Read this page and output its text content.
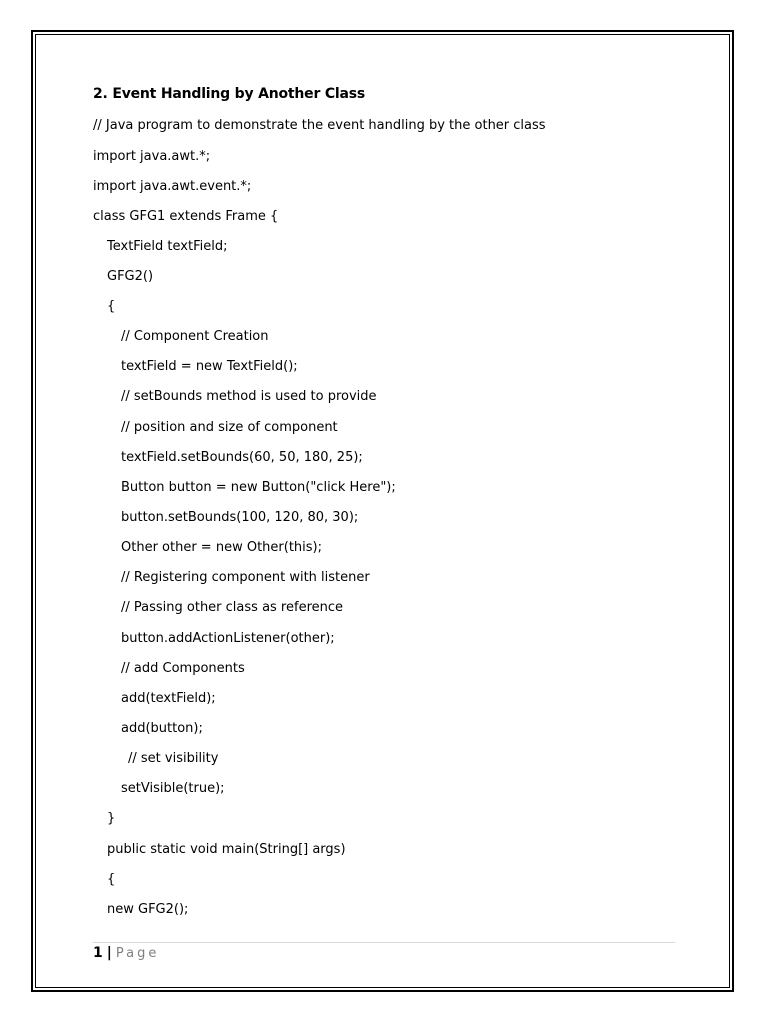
2. Event Handling by Another Class
// Java program to demonstrate the event handling by the other class
import java.awt.*;
import java.awt.event.*;
class GFG1 extends Frame {
TextField textField;
GFG2()
{
// Component Creation
textField = new TextField();
// setBounds method is used to provide
// position and size of component
textField.setBounds(60, 50, 180, 25);
Button button = new Button("click Here");
button.setBounds(100, 120, 80, 30);
Other other = new Other(this);
// Registering component with listener
// Passing other class as reference
button.addActionListener(other);
// add Components
add(textField);
add(button);
// set visibility
setVisible(true);
}
public static void main(String[] args)
{
new GFG2();
1 | Page
